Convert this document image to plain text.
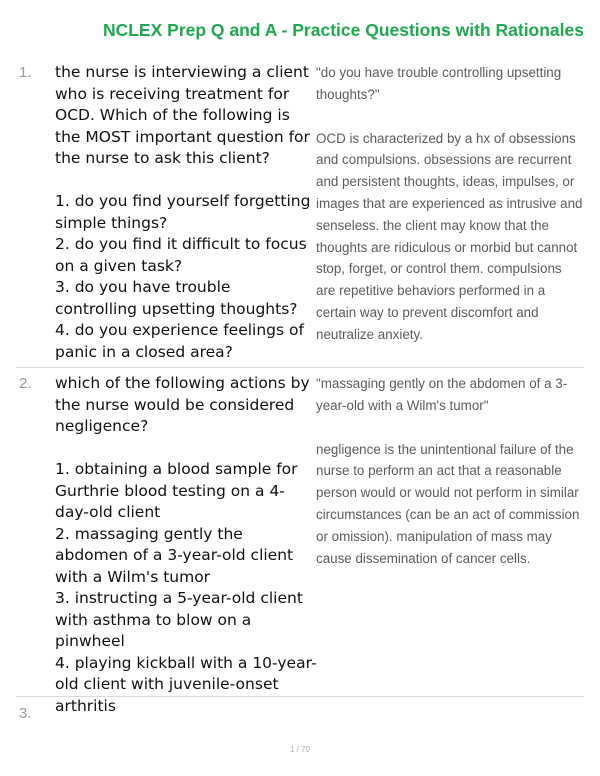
NCLEX Prep Q and A - Practice Questions with Rationales
1. the nurse is interviewing a client who is receiving treatment for OCD. Which of the following is the MOST important question for the nurse to ask this client?

1. do you find yourself forgetting simple things?

2. do you find it difficult to focus on a given task?

3. do you have trouble controlling upsetting thoughts?

4. do you experience feelings of panic in a closed area?

"do you have trouble controlling upsetting thoughts?"

OCD is characterized by a hx of obsessions and compulsions. obsessions are recurrent and persistent thoughts, ideas, impulses, or images that are experienced as intrusive and senseless. the client may know that the thoughts are ridiculous or morbid but cannot stop, forget, or control them. compulsions are repetitive behaviors performed in a certain way to prevent discomfort and neutralize anxiety.

2. which of the following actions by the nurse would be considered negligence?

1. obtaining a blood sample for Gurthrie blood testing on a 4-day-old client

2. massaging gently the abdomen of a 3-year-old client with a Wilm's tumor

3. instructing a 5-year-old client with asthma to blow on a pinwheel

4. playing kickball with a 10-year-old client with juvenile-onset arthritis

"massaging gently on the abdomen of a 3-year-old with a Wilm's tumor"

negligence is the unintentional failure of the nurse to perform an act that a reasonable person would or would not perform in similar circumstances (can be an act of commission or omission). manipulation of mass may cause dissemination of cancer cells.

3.
1 / 70
